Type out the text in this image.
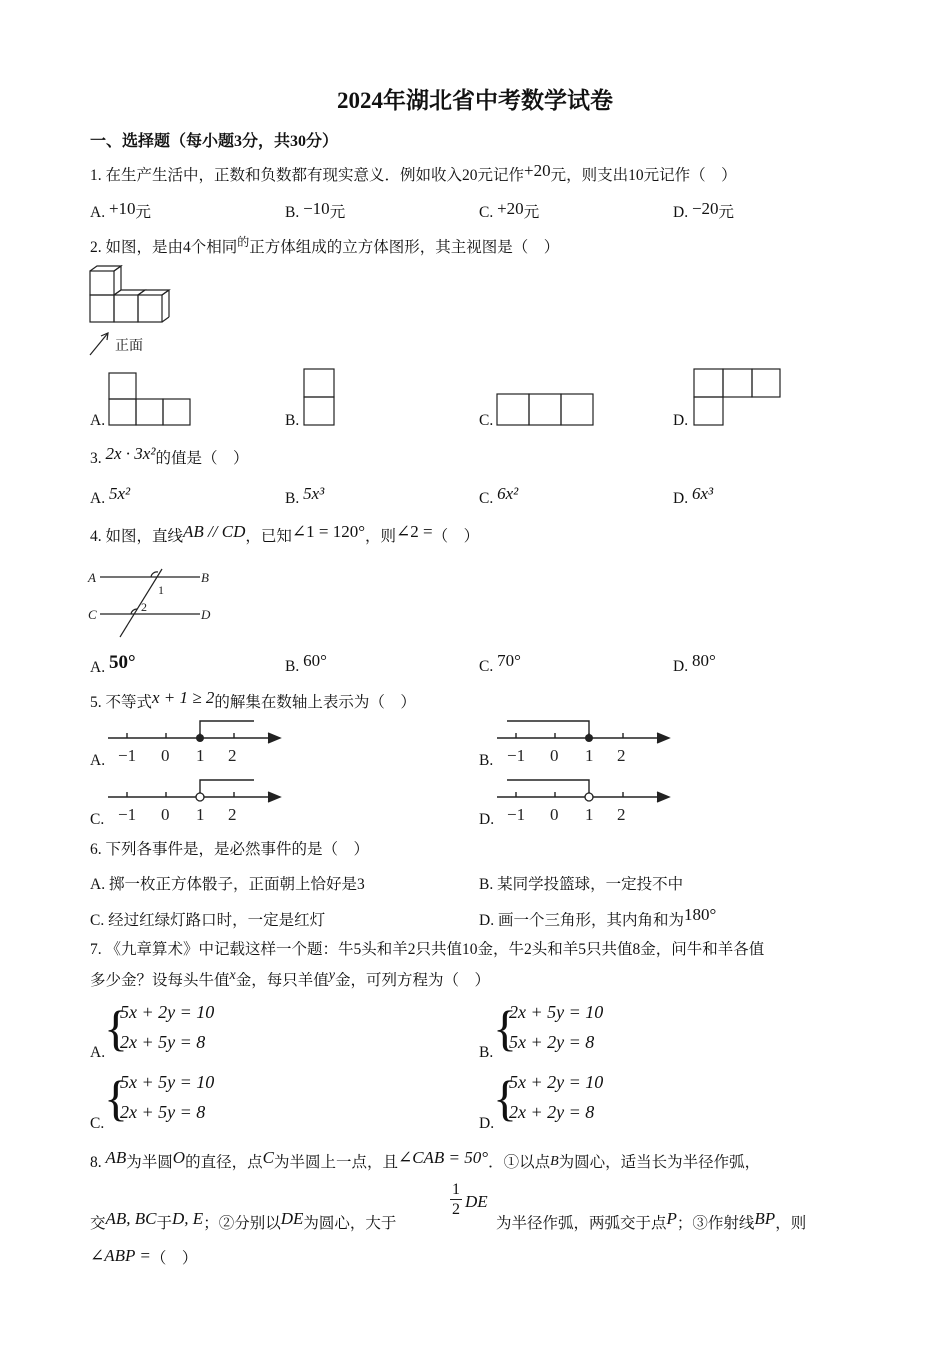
2024年湖北省中考数学试卷
一、选择题（每小题3分，共30分）
1. 在生产生活中，正数和负数都有现实意义．例如收入20元记作+20元，则支出10元记作（　）
A. +10元	B. −10元	C. +20元	D. −20元
2. 如图，是由4个相同$^的$正方体组成的立方体图形，其主视图是（　）
正面
A.	B.	C.	D.
3. 2x · 3x²的值是（　）
A. 5x²	B. 5x³	C. 6x²	D. 6x³
4. 如图，直线AB // CD，已知∠1 = 120°，则∠2 =（　）
A	B
C	D
1
2
A. 50°	B. 60°	C. 70°	D. 80°
5. 不等式x + 1 ≥ 2的解集在数轴上表示为（　）
A. −1 0 1 2	B. −1 0 1 2
C. −1 0 1 2	D. −1 0 1 2
6. 下列各事件是，是必然事件的是（　）
A. 掷一枚正方体骰子，正面朝上恰好是3	B. 某同学投篮球，一定投不中
C. 经过红绿灯路口时，一定是红灯	D. 画一个三角形，其内角和为180°
7. 《九章算术》中记载这样一个题：牛5头和羊2只共值10金，牛2头和羊5只共值8金，问牛和羊各值
多少金？设每头牛值x金，每只羊值y金，可列方程为（　）
A.
{
5x + 2y = 10
2x + 5y = 8
B. {
2x + 5y = 10
5x + 2y = 8
C. {
5x + 5y = 10
2x + 5y = 8
D.
{
5x + 2y = 10
2x + 2y = 8
8. AB为半圆O的直径，点C为半圆上一点，且∠CAB = 50°．①以点B为圆心，适当长为半径作弧，
交AB, BC于D, E；②分别以DE为圆心，大于
1
2 DE
为半径作弧，两弧交于点P；③作射线BP，则
∠ABP =（　）
